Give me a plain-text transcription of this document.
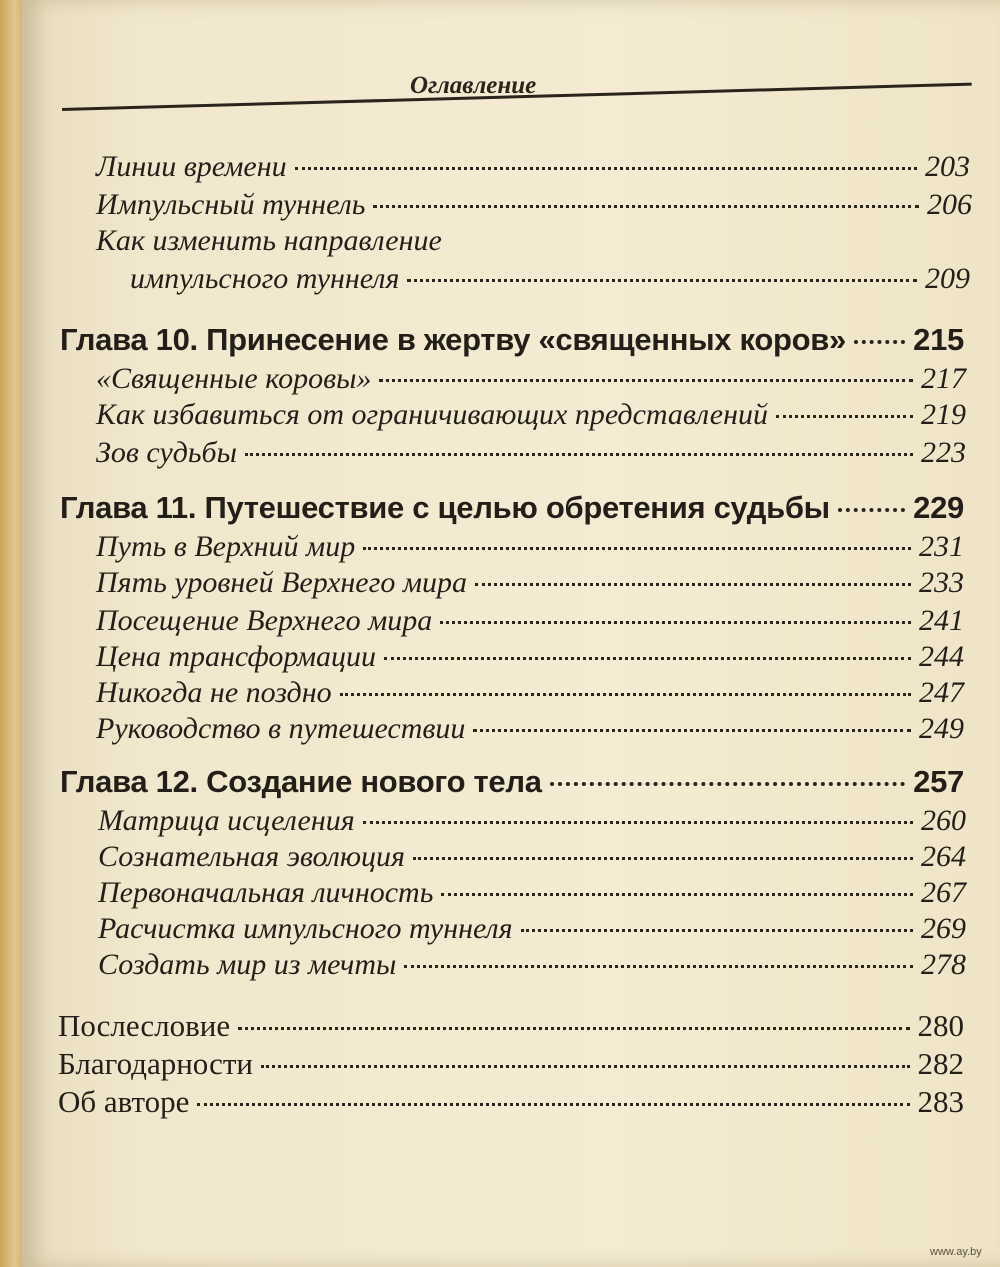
Оглавление
Линии времени	203
Импульсный туннель	206
Как изменить направление
импульсного туннеля	209
Глава 10. Принесение в жертву «священных коров» 215
«Священные коровы»	217
Как избавиться от ограничивающих представлений	219
Зов судьбы	223
Глава 11. Путешествие с целью обретения судьбы	229
Путь в Верхний мир	231
Пять уровней Верхнего мира	233
Посещение Верхнего мира	241
Цена трансформации	244
Никогда не поздно	247
Руководство в путешествии	249
Глава 12. Создание нового тела	257
Матрица исцеления	260
Сознательная эволюция	264
Первоначальная личность	267
Расчистка импульсного туннеля	269
Создать мир из мечты	278
Послесловие	280
Благодарности	282
Об авторе	283
www.ay.by
